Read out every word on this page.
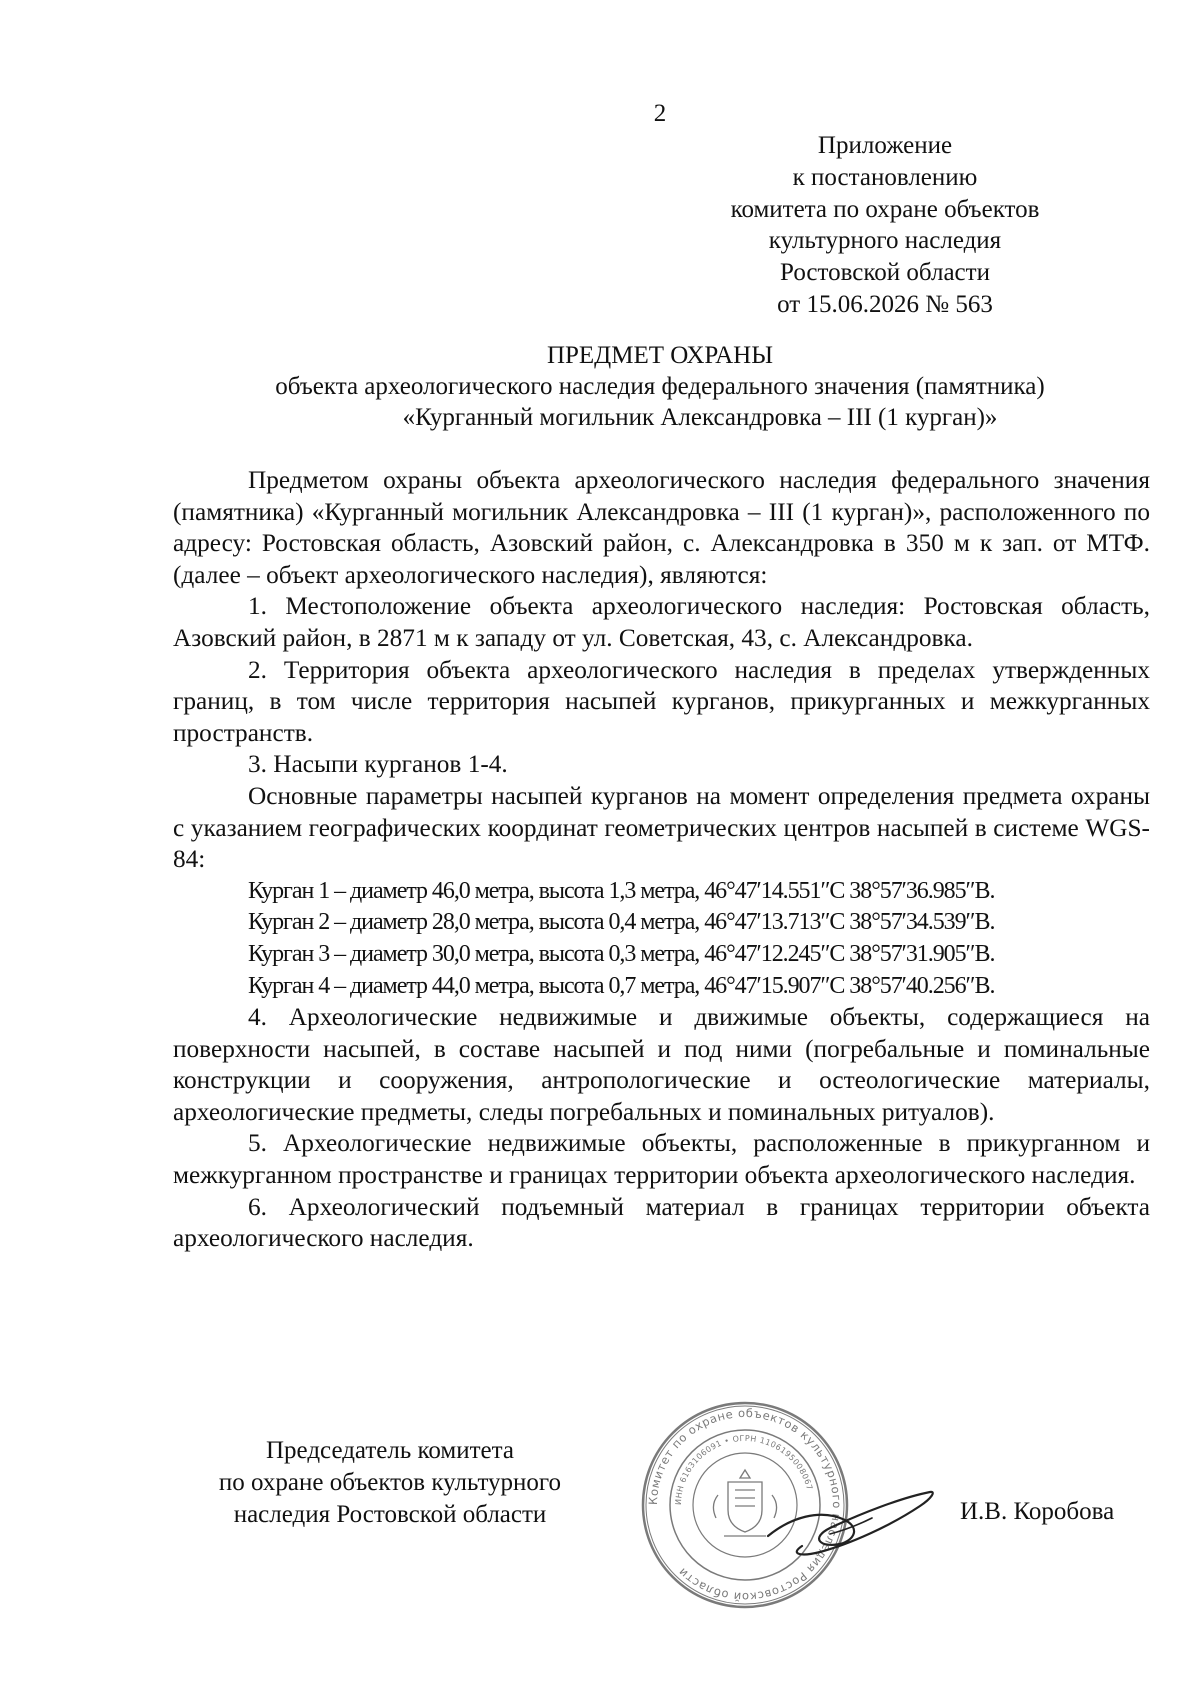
2
Приложение
к постановлению
комитета по охране объектов
культурного наследия
Ростовской области
от 15.06.2026 № 563
ПРЕДМЕТ ОХРАНЫ
объекта археологического наследия федерального значения (памятника)
«Курганный могильник Александровка – III (1 курган)»

Предметом охраны объекта археологического наследия федерального значения (памятника) «Курганный могильник Александровка – III (1 курган)», расположенного по адресу: Ростовская область, Азовский район, с. Александровка в 350 м к зап. от МТФ. (далее – объект археологического наследия), являются:

1. Местоположение объекта археологического наследия: Ростовская область, Азовский район, в 2871 м к западу от ул. Советская, 43, с. Александровка.

2. Территория объекта археологического наследия в пределах утвержденных границ, в том числе территория насыпей курганов, прикурганных и межкурганных пространств.

3. Насыпи курганов 1-4.

Основные параметры насыпей курганов на момент определения предмета охраны с указанием географических координат геометрических центров насыпей в системе WGS-84:

Курган 1 – диаметр 46,0 метра, высота 1,3 метра, 46°47′14.551″С 38°57′36.985″В.

Курган 2 – диаметр 28,0 метра, высота 0,4 метра, 46°47′13.713″С 38°57′34.539″В.

Курган 3 – диаметр 30,0 метра, высота 0,3 метра, 46°47′12.245″С 38°57′31.905″В.

Курган 4 – диаметр 44,0 метра, высота 0,7 метра, 46°47′15.907″С 38°57′40.256″В.

4. Археологические недвижимые и движимые объекты, содержащиеся на поверхности насыпей, в составе насыпей и под ними (погребальные и поминальные конструкции и сооружения, антропологические и остеологические материалы, археологические предметы, следы погребальных и поминальных ритуалов).

5. Археологические недвижимые объекты, расположенные в прикурганном и межкурганном пространстве и границах территории объекта археологического наследия.

6. Археологический подъемный материал в границах территории объекта археологического наследия.

Председатель комитета
по охране объектов культурного
наследия Ростовской области
Комитет по охране объектов культурного наследия Ростовской области
ИНН 6163106091 • ОГРН 1106195008067
И.В. Коробова
